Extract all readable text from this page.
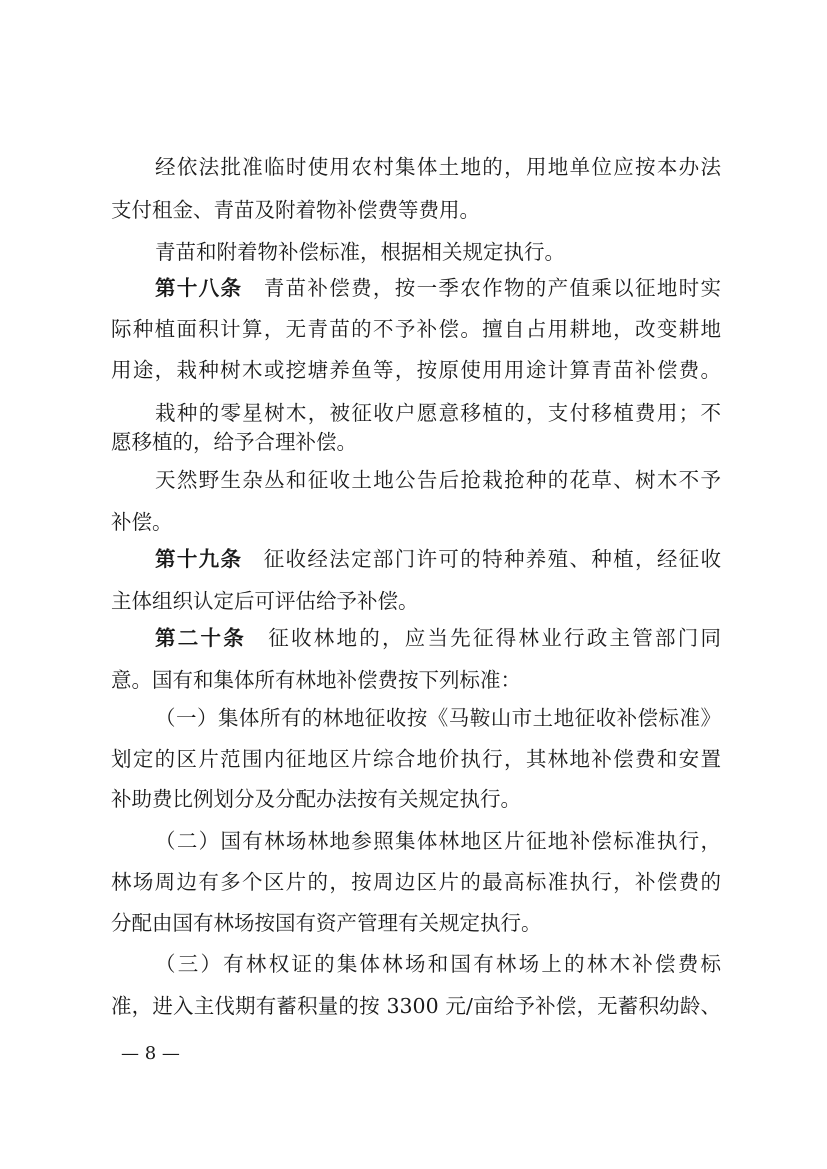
经依法批准临时使用农村集体土地的，用地单位应按本办法
支付租金、青苗及附着物补偿费等费用。
青苗和附着物补偿标准，根据相关规定执行。
第十八条 青苗补偿费，按一季农作物的产值乘以征地时实
际种植面积计算，无青苗的不予补偿。擅自占用耕地，改变耕地
用途，栽种树木或挖塘养鱼等，按原使用用途计算青苗补偿费。
栽种的零星树木，被征收户愿意移植的，支付移植费用；不
愿移植的，给予合理补偿。
天然野生杂丛和征收土地公告后抢栽抢种的花草、树木不予
补偿。
第十九条 征收经法定部门许可的特种养殖、种植，经征收
主体组织认定后可评估给予补偿。
第二十条 征收林地的，应当先征得林业行政主管部门同
意。国有和集体所有林地补偿费按下列标准：
（一）集体所有的林地征收按《马鞍山市土地征收补偿标准》
划定的区片范围内征地区片综合地价执行，其林地补偿费和安置
补助费比例划分及分配办法按有关规定执行。
（二）国有林场林地参照集体林地区片征地补偿标准执行，
林场周边有多个区片的，按周边区片的最高标准执行，补偿费的
分配由国有林场按国有资产管理有关规定执行。
（三）有林权证的集体林场和国有林场上的林木补偿费标
准，进入主伐期有蓄积量的按 3300 元/亩给予补偿，无蓄积幼龄、
— 8 —
